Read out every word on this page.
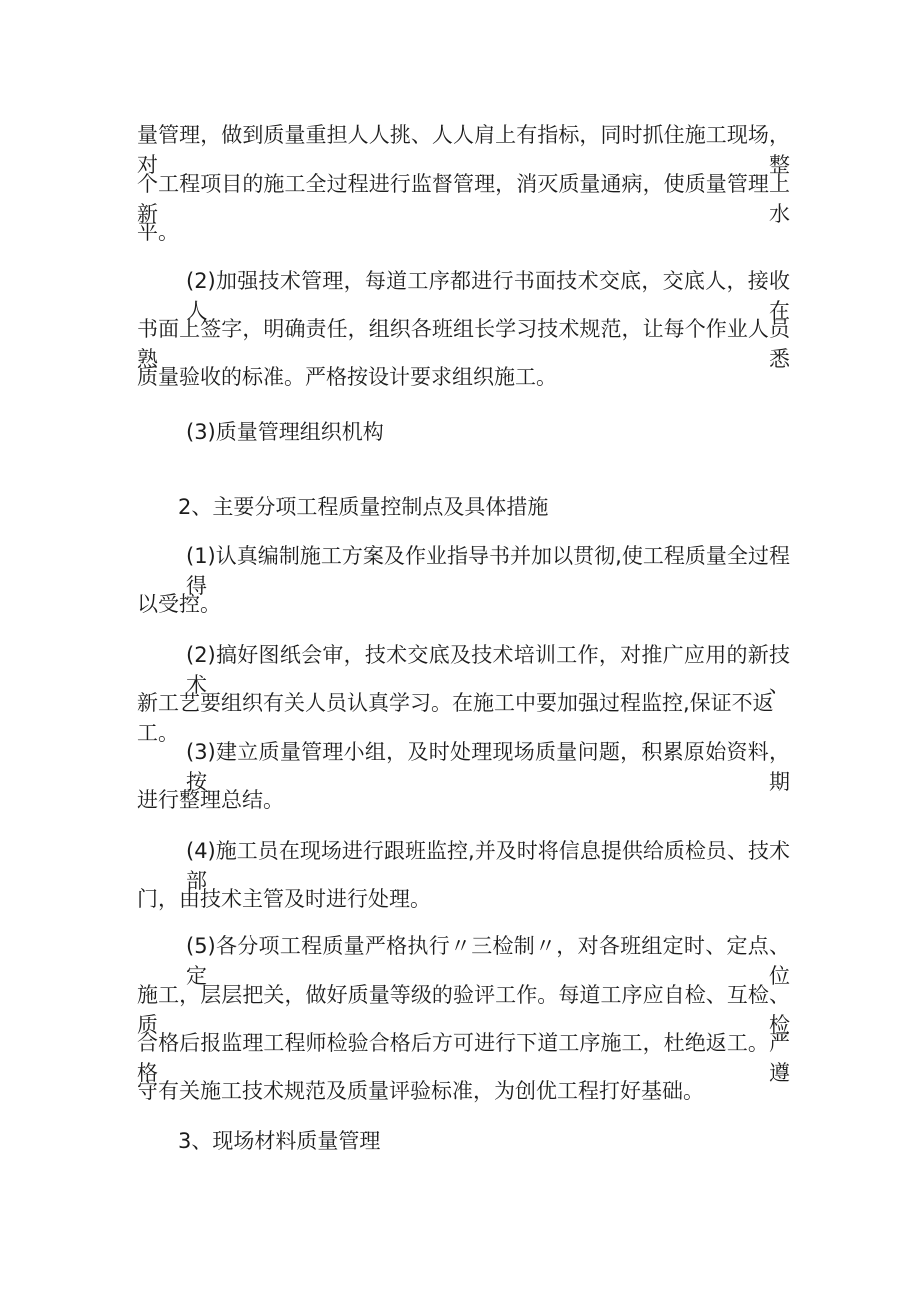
量管理，做到质量重担人人挑、人人肩上有指标，同时抓住施工现场，对整
个工程项目的施工全过程进行监督管理，消灭质量通病，使质量管理上新水
平。
(2)加强技术管理，每道工序都进行书面技术交底，交底人，接收人在
书面上签字，明确责任，组织各班组长学习技术规范，让每个作业人员熟悉
质量验收的标准。严格按设计要求组织施工。
(3)质量管理组织机构
2、主要分项工程质量控制点及具体措施
(1)认真编制施工方案及作业指导书并加以贯彻,使工程质量全过程得
以受控。
(2)搞好图纸会审，技术交底及技术培训工作，对推广应用的新技术、
新工艺要组织有关人员认真学习。在施工中要加强过程监控,保证不返工。
(3)建立质量管理小组，及时处理现场质量问题，积累原始资料，按期
进行整理总结。
(4)施工员在现场进行跟班监控,并及时将信息提供给质检员、技术部
门，由技术主管及时进行处理。
(5)各分项工程质量严格执行〃三检制〃，对各班组定时、定点、定位
施工，层层把关，做好质量等级的验评工作。每道工序应自检、互检、质检
合格后报监理工程师检验合格后方可进行下道工序施工，杜绝返工。严格遵
守有关施工技术规范及质量评验标准，为创优工程打好基础。
3、现场材料质量管理
